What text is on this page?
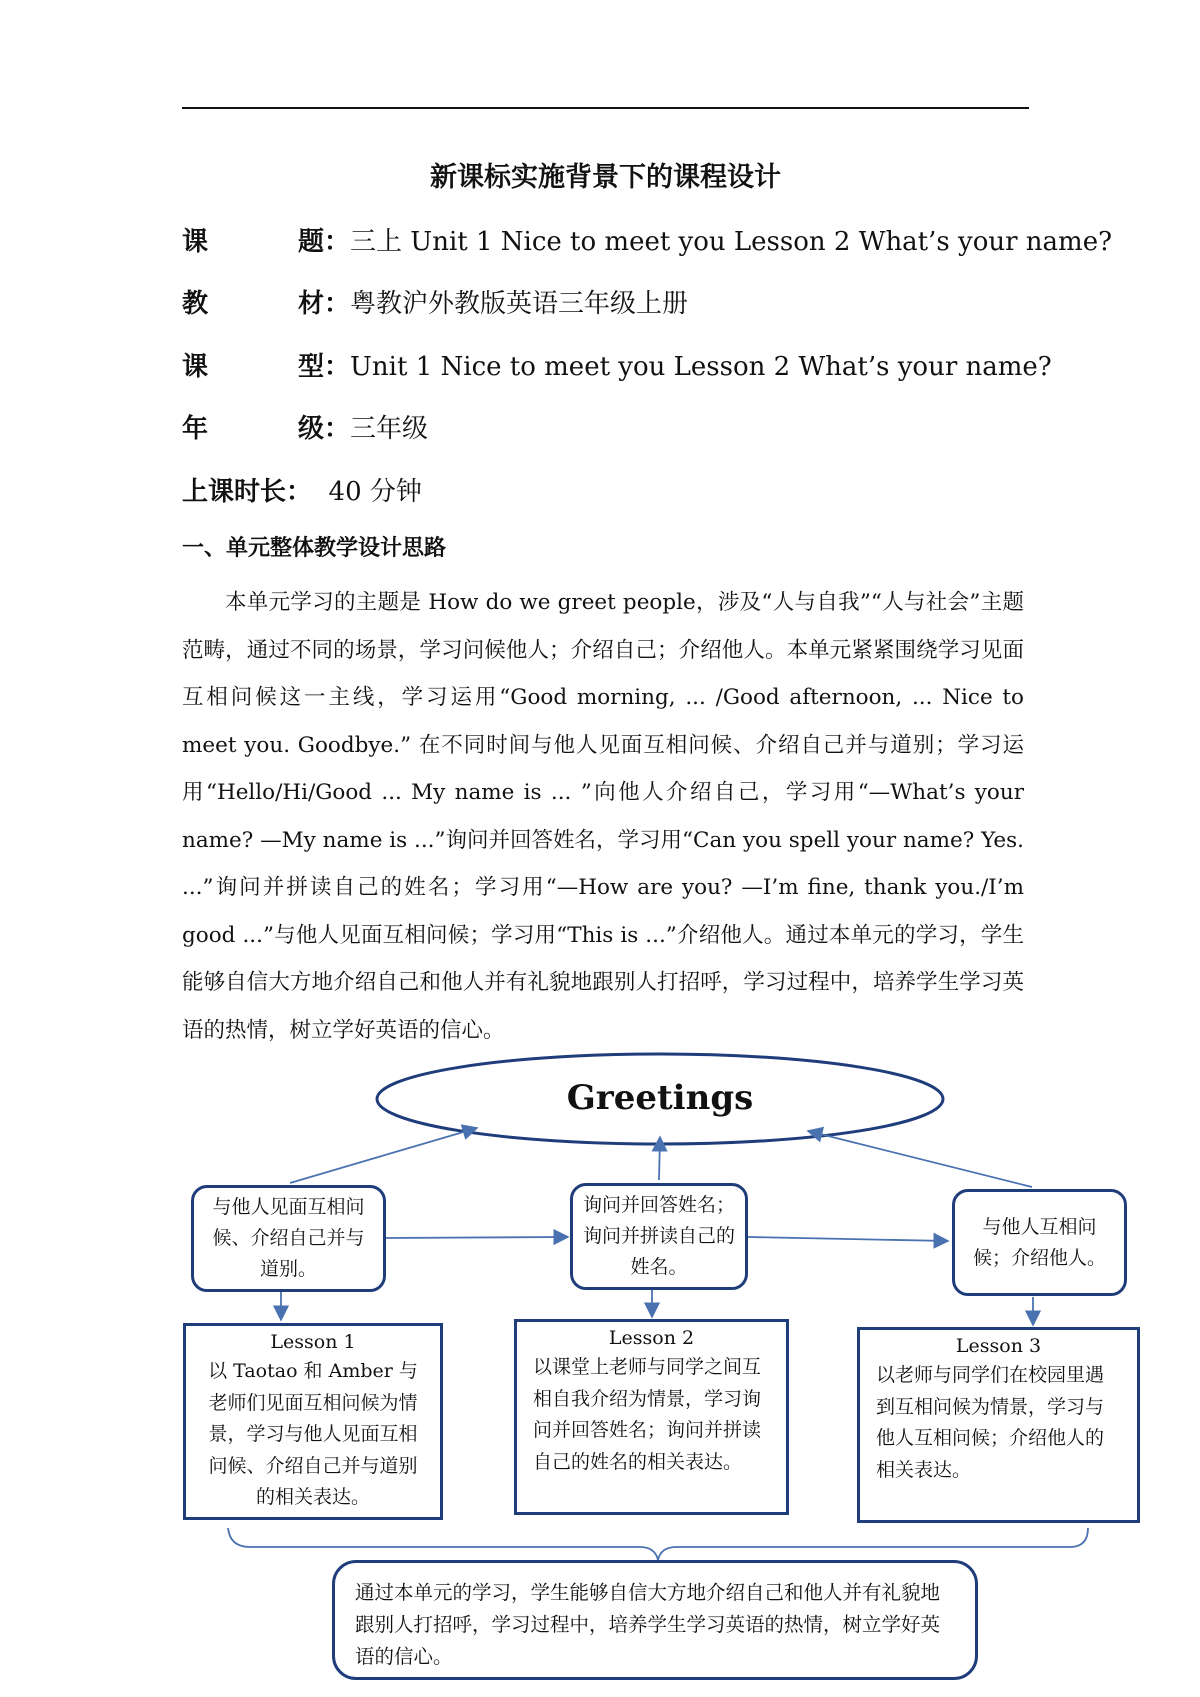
新课标实施背景下的课程设计
课	题 ：三上 Unit 1 Nice to meet you Lesson 2 What’s your name?
教	材 ：粤教沪外教版英语三年级上册
课	型 ：Unit 1 Nice to meet you Lesson 2 What’s your name?
年	级 ：三年级
上课时长： 40 分钟
一、单元整体教学设计思路

本单元学习的主题是 How do we greet people，涉及“人与自我”“人与社会”主题范畴，通过不同的场景，学习问候他人；介绍自己；介绍他人。本单元紧紧围绕学习见面互相问候这一主线，学习运用“Good morning, ... /Good afternoon, ... Nice to meet you. Goodbye.” 在不同时间与他人见面互相问候、介绍自己并与道别；学习运用“Hello/Hi/Good ... My name is ... ”向他人介绍自己，学习用“—What’s your name? —My name is ...”询问并回答姓名，学习用“Can you spell your name? Yes. ...”询问并拼读自己的姓名；学习用“—How are you? —I’m fine, thank you./I’m good ...”与他人见面互相问候；学习用“This is ...”介绍他人。通过本单元的学习，学生能够自信大方地介绍自己和他人并有礼貌地跟别人打招呼，学习过程中，培养学生学习英语的热情，树立学好英语的信心。

Greetings
与他人见面互相问候、介绍自己并与道别。
询问并回答姓名；询问并拼读自己的姓名。
与他人互相问候；介绍他人。
Lesson 1
以 Taotao 和 Amber 与老师们见面互相问候为情景，学习与他人见面互相问候、介绍自己并与道别的相关表达。
Lesson 2
以课堂上老师与同学之间互相自我介绍为情景，学习询问并回答姓名；询问并拼读自己的姓名的相关表达。
Lesson 3
以老师与同学们在校园里遇到互相问候为情景，学习与他人互相问候；介绍他人的相关表达。
通过本单元的学习，学生能够自信大方地介绍自己和他人并有礼貌地跟别人打招呼，学习过程中，培养学生学习英语的热情，树立学好英语的信心。
